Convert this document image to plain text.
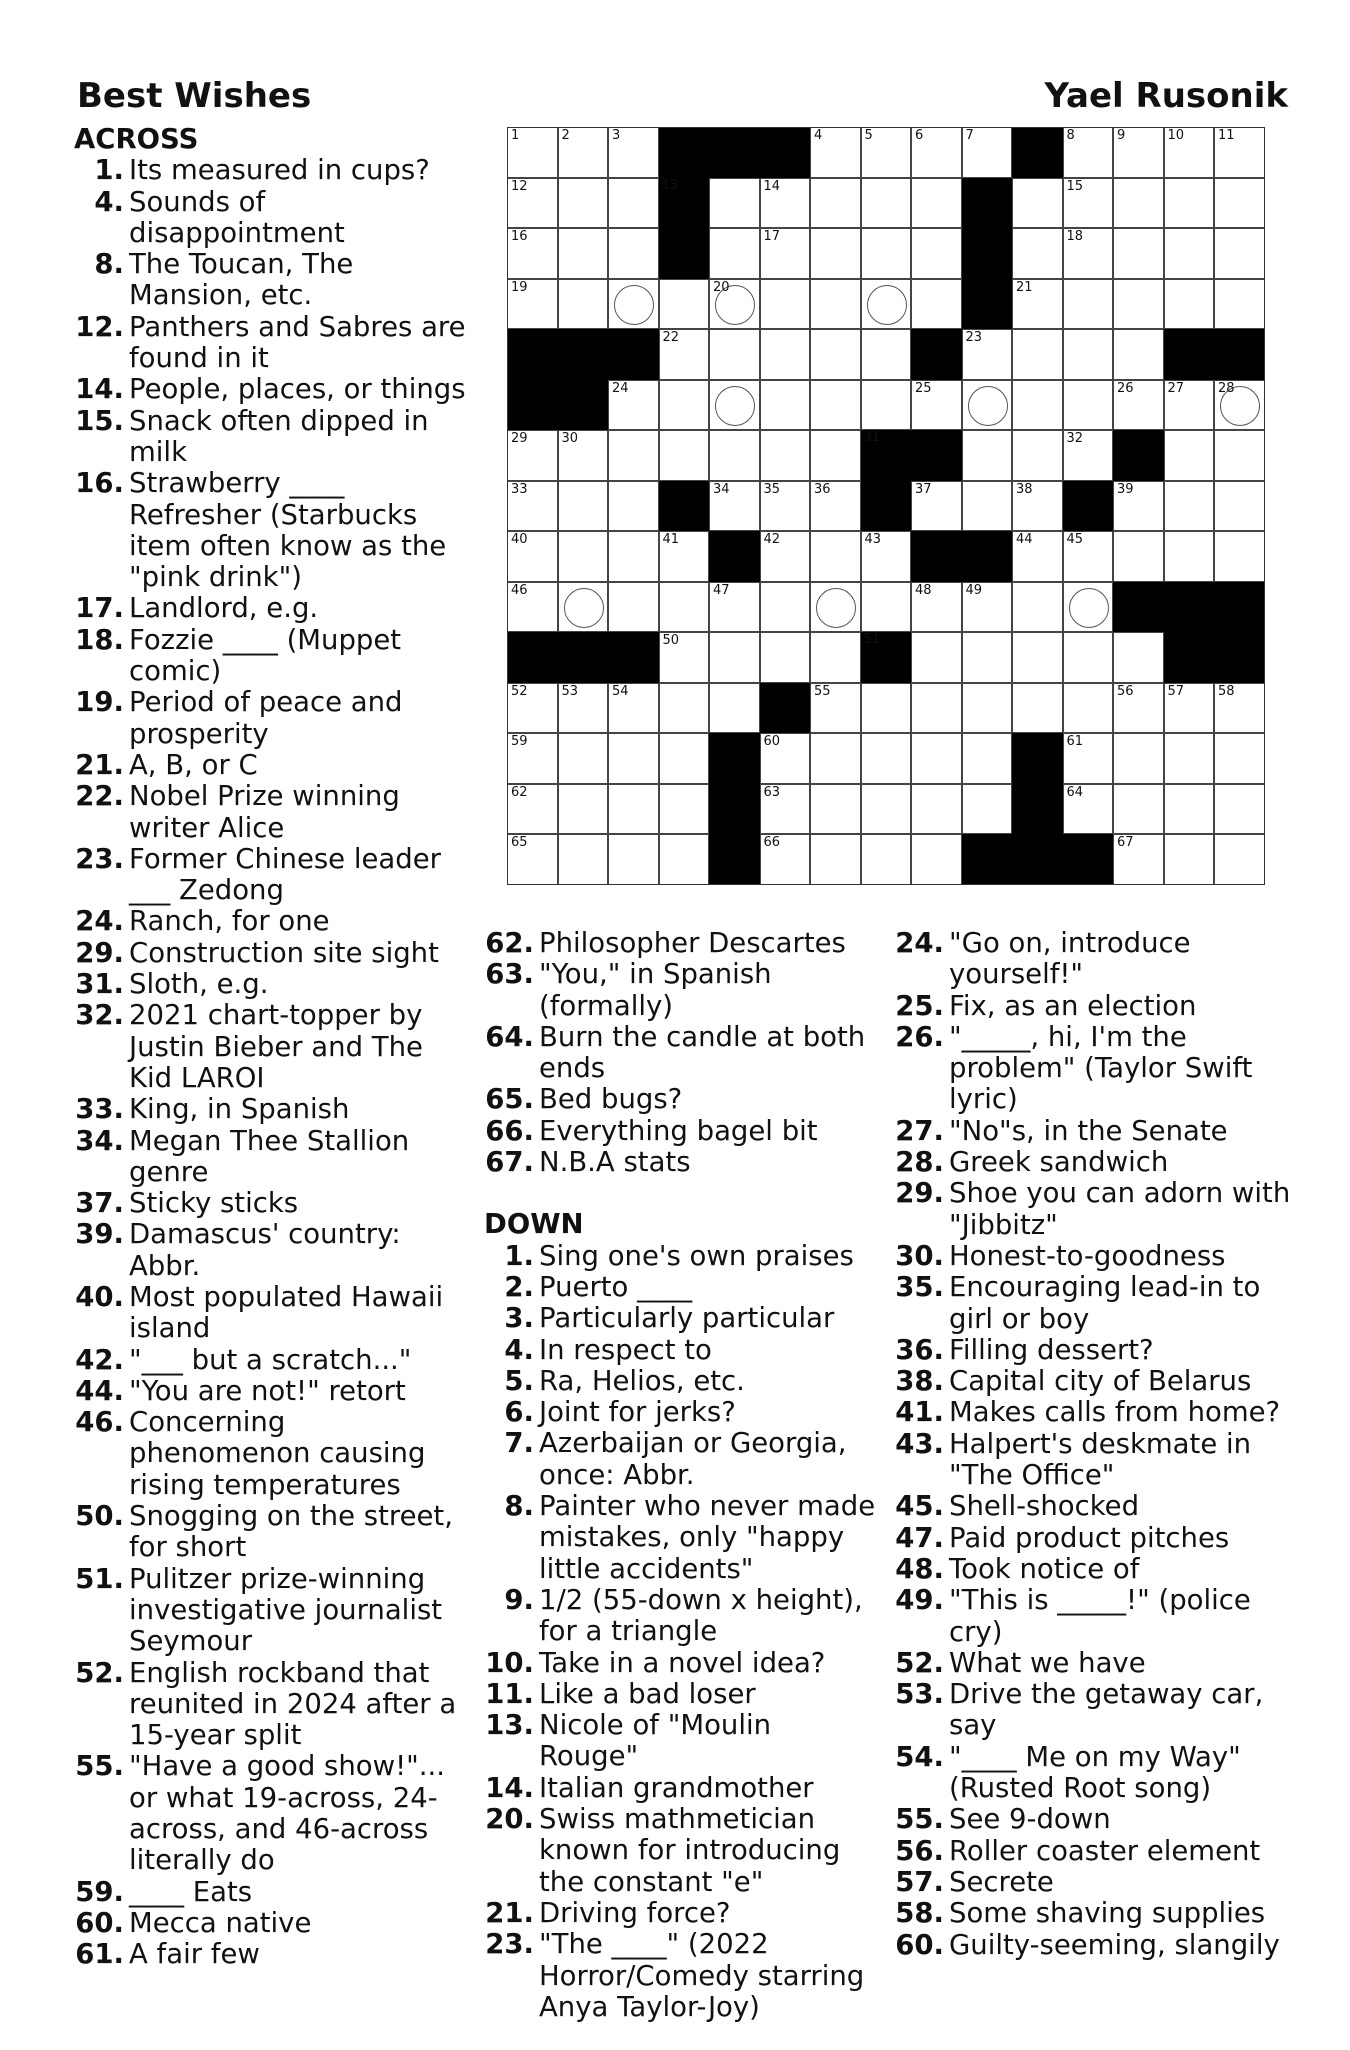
Best Wishes	Yael Rusonik
1	2	3	4	5	6	7	8	9	10	11
12	13	14	15
16	17	18
19	20	21
22	23
24	25	26	27	28
29	30	31	32
33	34	35	36	37	38	39
40	41	42	43	44	45
46	47	48	49
50	51
52	53	54	55	56	57	58
59	60	61
62	63	64
65	66	67
ACROSS
1. Its measured in cups?
4. Sounds of disappointment
8. The Toucan, The Mansion, etc.
12. Panthers and Sabres are found in it
14. People, places, or things
15. Snack often dipped in milk
16. Strawberry ____ Refresher (Starbucks item often know as the "pink drink")
17. Landlord, e.g.
18. Fozzie ____ (Muppet comic)
19. Period of peace and prosperity
21. A, B, or C
22. Nobel Prize winning writer Alice
23. Former Chinese leader ___ Zedong
24. Ranch, for one
29. Construction site sight
31. Sloth, e.g.
32. 2021 chart-topper by Justin Bieber and The Kid LAROI
33. King, in Spanish
34. Megan Thee Stallion genre
37. Sticky sticks
39. Damascus' country: Abbr.
40. Most populated Hawaii island
42. "___ but a scratch..."
44. "You are not!" retort
46. Concerning phenomenon causing rising temperatures
50. Snogging on the street, for short
51. Pulitzer prize-winning investigative journalist Seymour
52. English rockband that reunited in 2024 after a 15-year split
55. "Have a good show!"... or what 19-across, 24-across, and 46-across literally do
59. ____ Eats
60. Mecca native
61. A fair few
62. Philosopher Descartes
63. "You," in Spanish (formally)
64. Burn the candle at both ends
65. Bed bugs?
66. Everything bagel bit
67. N.B.A stats
DOWN
1. Sing one's own praises
2. Puerto ____
3. Particularly particular
4. In respect to
5. Ra, Helios, etc.
6. Joint for jerks?
7. Azerbaijan or Georgia, once: Abbr.
8. Painter who never made mistakes, only "happy little accidents"
9. 1/2 (55-down x height), for a triangle
10. Take in a novel idea?
11. Like a bad loser
13. Nicole of "Moulin Rouge"
14. Italian grandmother
20. Swiss mathmetician known for introducing the constant "e"
21. Driving force?
23. "The ____" (2022 Horror/Comedy starring Anya Taylor-Joy)
24. "Go on, introduce yourself!"
25. Fix, as an election
26. "_____, hi, I'm the problem" (Taylor Swift lyric)
27. "No"s, in the Senate
28. Greek sandwich
29. Shoe you can adorn with "Jibbitz"
30. Honest-to-goodness
35. Encouraging lead-in to girl or boy
36. Filling dessert?
38. Capital city of Belarus
41. Makes calls from home?
43. Halpert's deskmate in "The Office"
45. Shell-shocked
47. Paid product pitches
48. Took notice of
49. "This is _____!" (police cry)
52. What we have
53. Drive the getaway car, say
54. "____ Me on my Way" (Rusted Root song)
55. See 9-down
56. Roller coaster element
57. Secrete
58. Some shaving supplies
60. Guilty-seeming, slangily
